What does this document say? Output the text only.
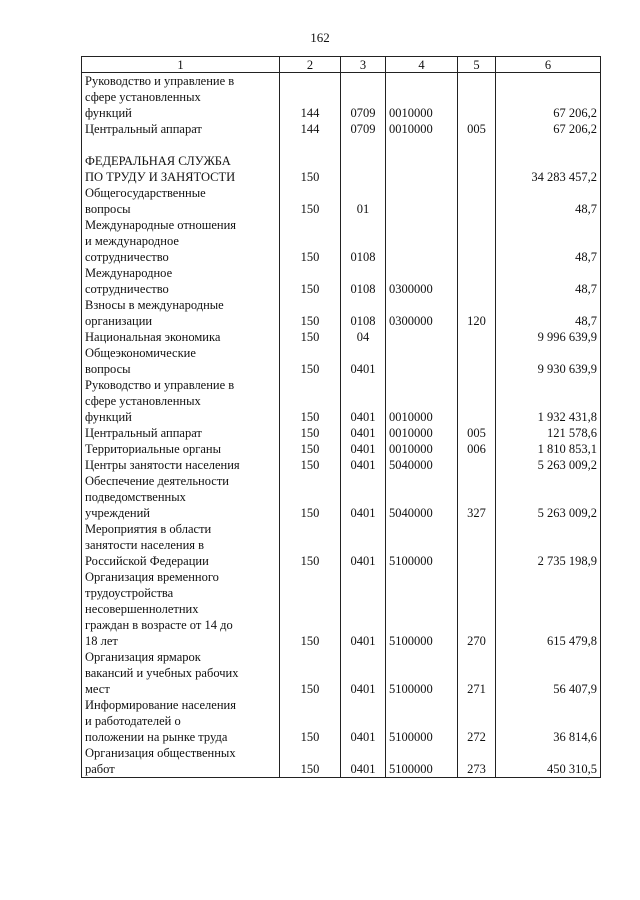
162
1	2	3	4	5	6
Руководство и управление в
сфере установленных
функций	144	0709	0010000		67 206,2
Центральный аппарат	144	0709	0010000	005	67 206,2

ФЕДЕРАЛЬНАЯ СЛУЖБА
ПО ТРУДУ И ЗАНЯТОСТИ	150				34 283 457,2
Общегосударственные
вопросы	150	01			48,7
Международные отношения
и международное
сотрудничество	150	0108			48,7
Международное
сотрудничество	150	0108	0300000		48,7
Взносы в международные
организации	150	0108	0300000	120	48,7
Национальная экономика	150	04			9 996 639,9
Общеэкономические
вопросы	150	0401			9 930 639,9
Руководство и управление в
сфере установленных
функций	150	0401	0010000		1 932 431,8
Центральный аппарат	150	0401	0010000	005	121 578,6
Территориальные органы	150	0401	0010000	006	1 810 853,1
Центры занятости населения	150	0401	5040000		5 263 009,2
Обеспечение деятельности
подведомственных
учреждений	150	0401	5040000	327	5 263 009,2
Мероприятия в области
занятости населения в
Российской Федерации	150	0401	5100000		2 735 198,9
Организация временного
трудоустройства
несовершеннолетних
граждан в возрасте от 14 до
18 лет	150	0401	5100000	270	615 479,8
Организация ярмарок
вакансий и учебных рабочих
мест	150	0401	5100000	271	56 407,9
Информирование населения
и работодателей о
положении на рынке труда	150	0401	5100000	272	36 814,6
Организация общественных
работ	150	0401	5100000	273	450 310,5
